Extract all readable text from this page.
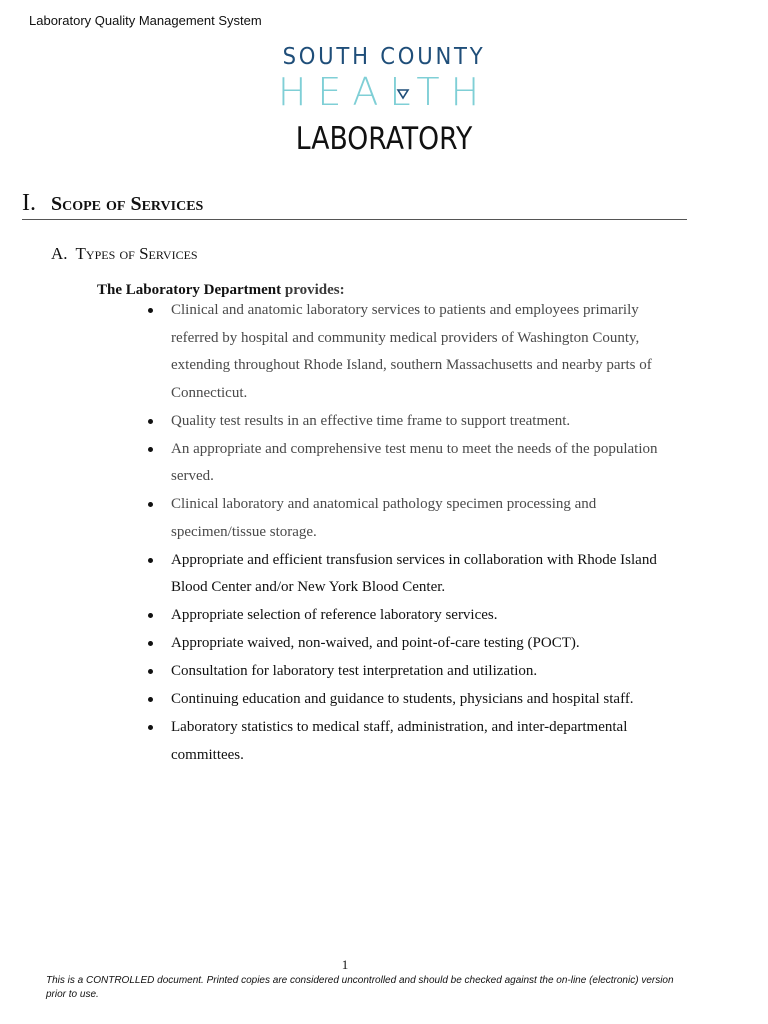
Laboratory Quality Management System
SOUTH COUNTY
HEALTH
LABORATORY
I. Scope of Services
A. Types of Services
The Laboratory Department provides:
Clinical and anatomic laboratory services to patients and employees primarily referred by hospital and community medical providers of Washington County, extending throughout Rhode Island, southern Massachusetts and nearby parts of Connecticut.
Quality test results in an effective time frame to support treatment.
An appropriate and comprehensive test menu to meet the needs of the population served.
Clinical laboratory and anatomical pathology specimen processing and specimen/tissue storage.
Appropriate and efficient transfusion services in collaboration with Rhode Island Blood Center and/or New York Blood Center.
Appropriate selection of reference laboratory services.
Appropriate waived, non-waived, and point-of-care testing (POCT).
Consultation for laboratory test interpretation and utilization.
Continuing education and guidance to students, physicians and hospital staff.
Laboratory statistics to medical staff, administration, and inter-departmental committees.
1
This is a CONTROLLED document. Printed copies are considered uncontrolled and should be checked against the on-line (electronic) version prior to use.
